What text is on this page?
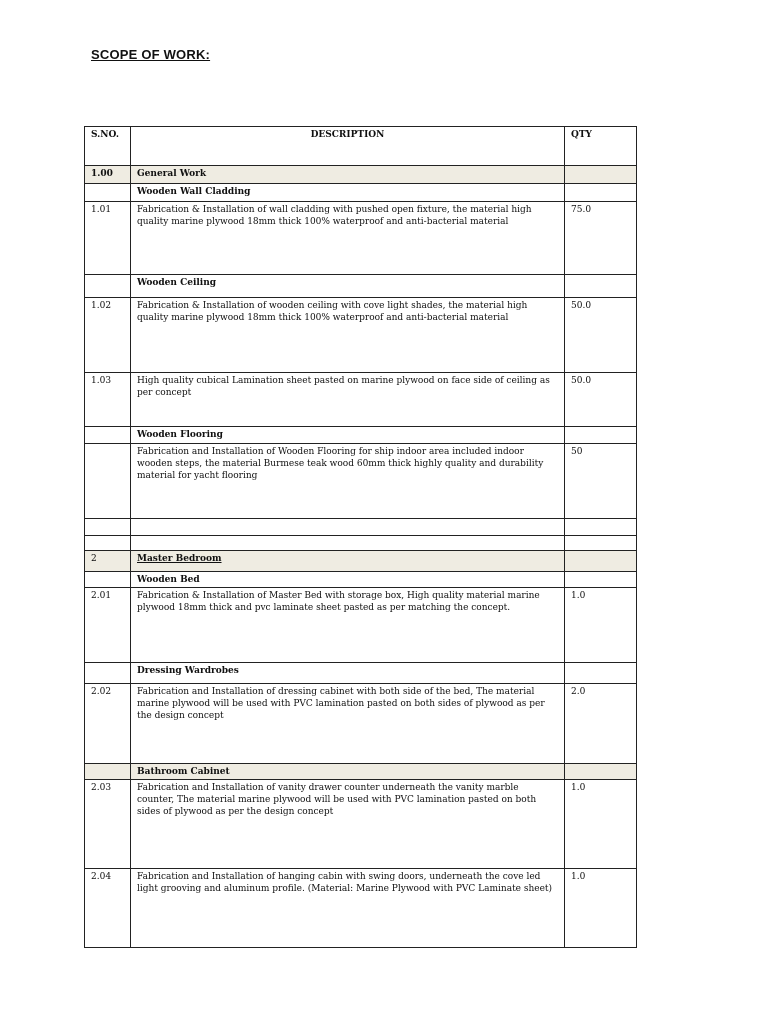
SCOPE OF WORK:
S.NO.	DESCRIPTION	QTY
1.00	General Work	
	Wooden Wall Cladding	
1.01	Fabrication & Installation of wall cladding with pushed open fixture, the material high quality marine plywood 18mm thick 100% waterproof and anti-bacterial material	75.0
	Wooden Ceiling	
1.02	Fabrication & Installation of wooden ceiling with cove light shades, the material high quality marine plywood 18mm thick 100% waterproof and anti-bacterial material	50.0
1.03	High quality cubical Lamination sheet pasted on marine plywood on face side of ceiling as per concept	50.0
	Wooden Flooring	
	Fabrication and Installation of Wooden Flooring for ship indoor area included indoor wooden steps, the material Burmese teak wood 60mm thick highly quality and durability material for yacht flooring	50

2	Master Bedroom	
	Wooden Bed	
2.01	Fabrication & Installation of Master Bed with storage box, High quality material marine plywood 18mm thick and pvc laminate sheet pasted as per matching the concept.	1.0
	Dressing Wardrobes	
2.02	Fabrication and Installation of dressing cabinet with both side of the bed, The material marine plywood will be used with PVC lamination pasted on both sides of plywood as per the design concept	2.0
	Bathroom Cabinet	
2.03	Fabrication and Installation of vanity drawer counter underneath the vanity marble counter, The material marine plywood will be used with PVC lamination pasted on both sides of plywood as per the design concept	1.0
2.04	Fabrication and Installation of hanging cabin with swing doors, underneath the cove led light grooving and aluminum profile. (Material: Marine Plywood with PVC Laminate sheet)	1.0
